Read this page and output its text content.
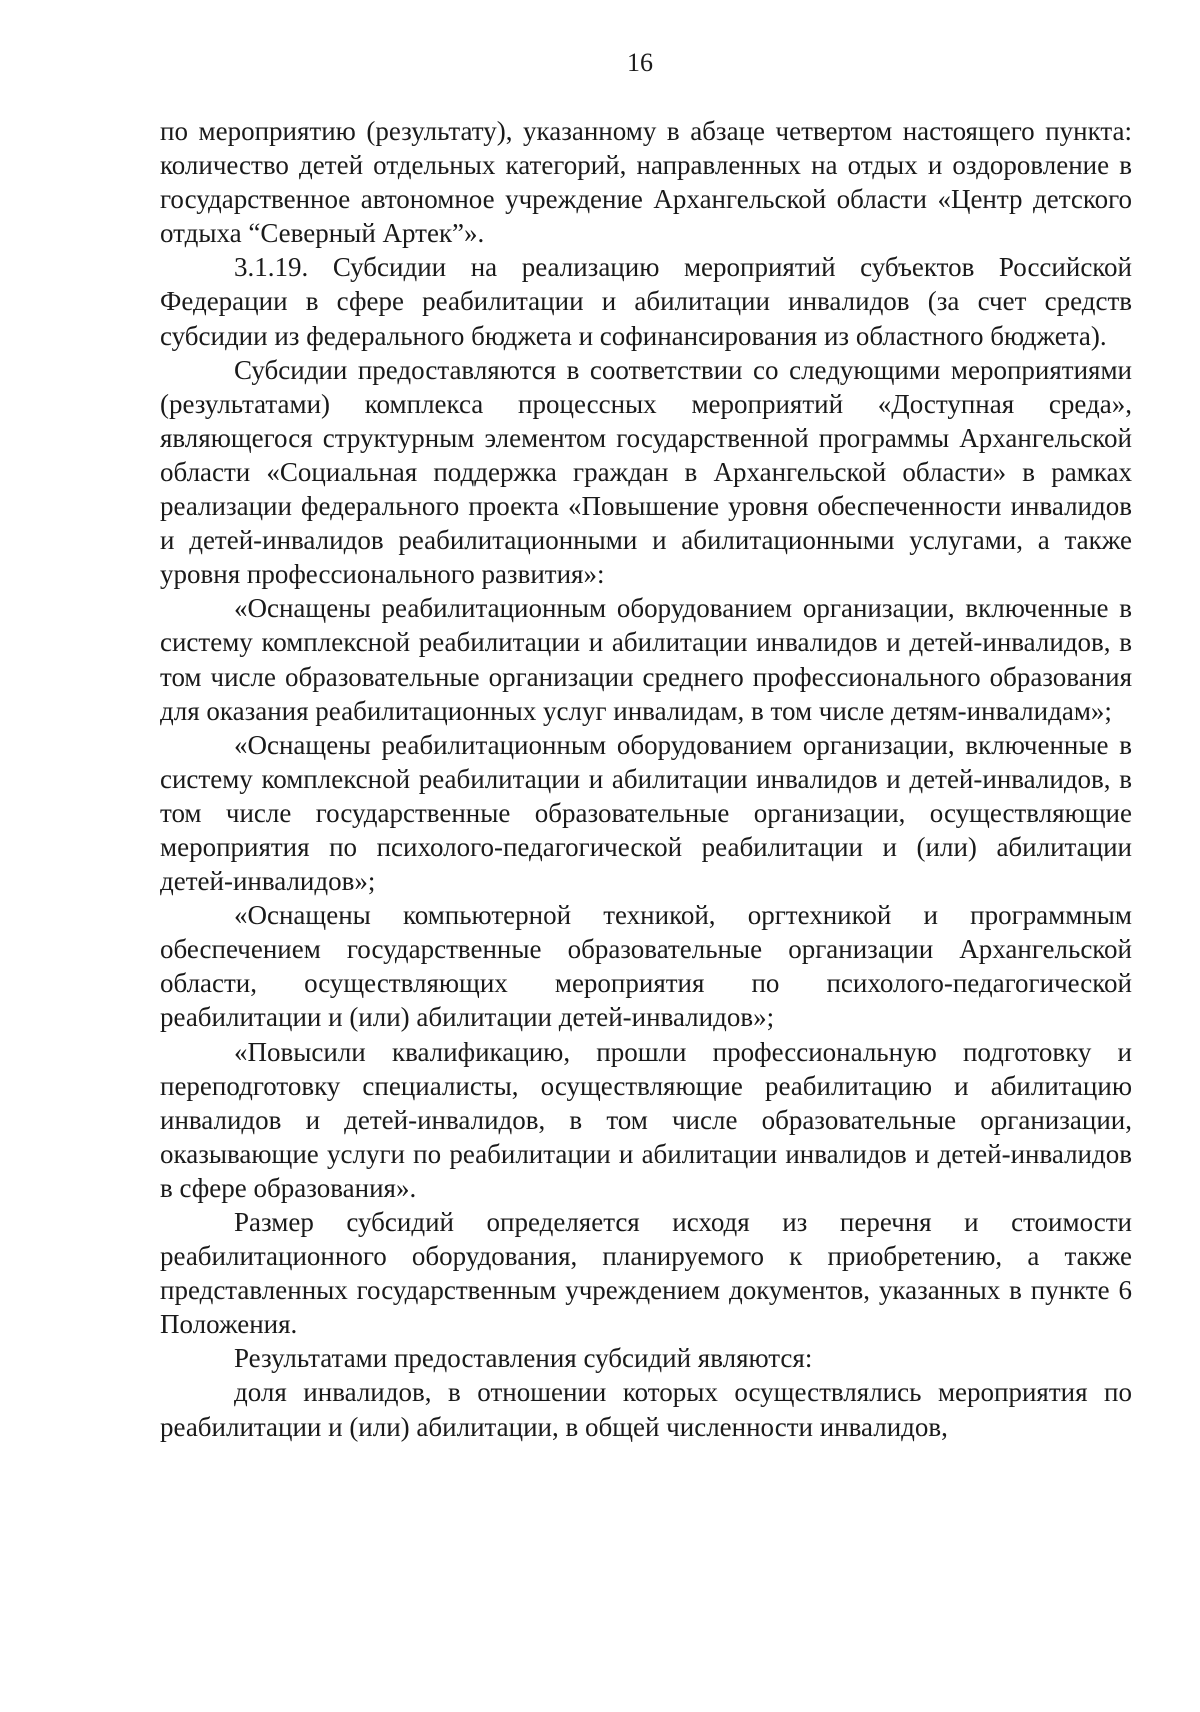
16

по мероприятию (результату), указанному в абзаце четвертом настоящего пункта: количество детей отдельных категорий, направленных на отдых и оздоровление в государственное автономное учреждение Архангельской области «Центр детского отдыха “Северный Артек”».

3.1.19. Субсидии на реализацию мероприятий субъектов Российской Федерации в сфере реабилитации и абилитации инвалидов (за счет средств субсидии из федерального бюджета и софинансирования из областного бюджета).

Субсидии предоставляются в соответствии со следующими мероприятиями (результатами) комплекса процессных мероприятий «Доступная среда», являющегося структурным элементом государственной программы Архангельской области «Социальная поддержка граждан в Архангельской области» в рамках реализации федерального проекта «Повышение уровня обеспеченности инвалидов и детей-инвалидов реабилитационными и абилитационными услугами, а также уровня профессионального развития»:

«Оснащены реабилитационным оборудованием организации, включенные в систему комплексной реабилитации и абилитации инвалидов и детей-инвалидов, в том числе образовательные организации среднего профессионального образования для оказания реабилитационных услуг инвалидам, в том числе детям-инвалидам»;

«Оснащены реабилитационным оборудованием организации, включенные в систему комплексной реабилитации и абилитации инвалидов и детей-инвалидов, в том числе государственные образовательные организации, осуществляющие мероприятия по психолого-педагогической реабилитации и (или) абилитации детей-инвалидов»;

«Оснащены компьютерной техникой, оргтехникой и программным обеспечением государственные образовательные организации Архангельской области, осуществляющих мероприятия по психолого-педагогической реабилитации и (или) абилитации детей-инвалидов»;

«Повысили квалификацию, прошли профессиональную подготовку и переподготовку специалисты, осуществляющие реабилитацию и абилитацию инвалидов и детей-инвалидов, в том числе образовательные организации, оказывающие услуги по реабилитации и абилитации инвалидов и детей-инвалидов в сфере образования».

Размер субсидий определяется исходя из перечня и стоимости реабилитационного оборудования, планируемого к приобретению, а также представленных государственным учреждением документов, указанных в пункте 6 Положения.

Результатами предоставления субсидий являются:

доля инвалидов, в отношении которых осуществлялись мероприятия по реабилитации и (или) абилитации, в общей численности инвалидов,
